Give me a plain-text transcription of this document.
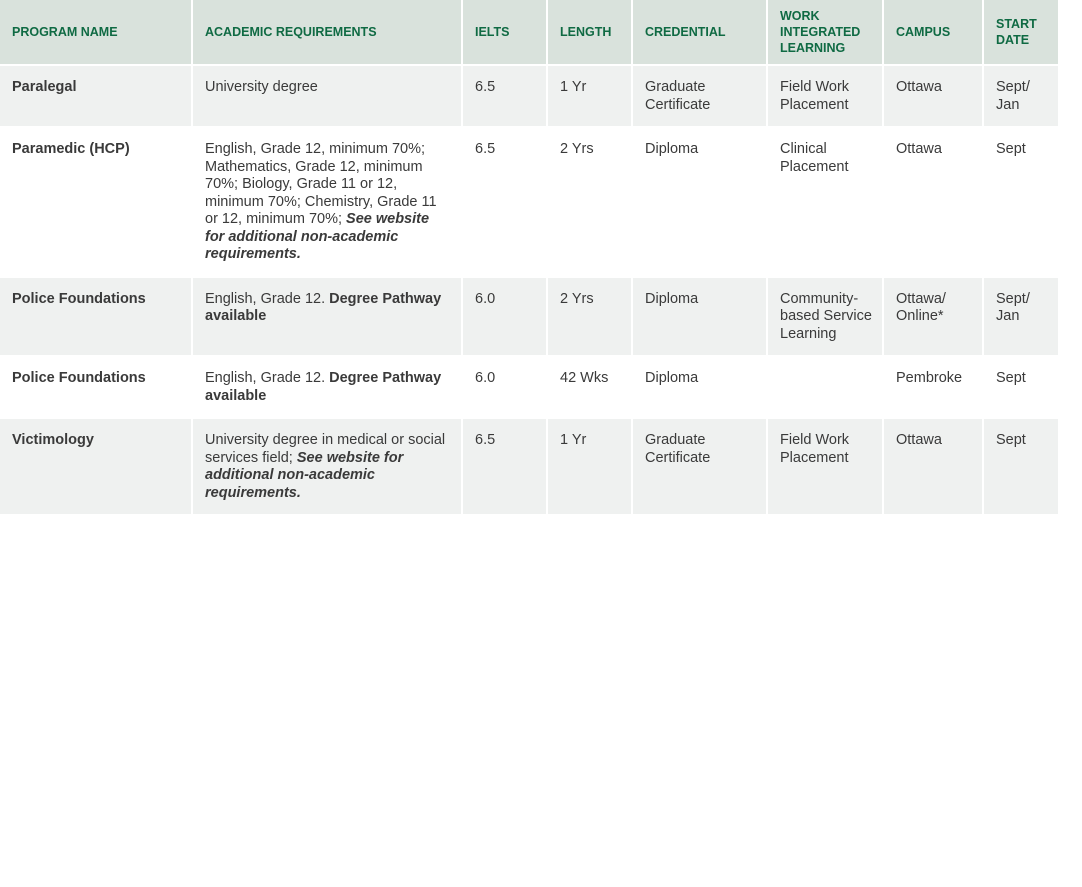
PROGRAM NAME	ACADEMIC REQUIREMENTS	IELTS	LENGTH	CREDENTIAL	WORK INTEGRATED LEARNING	CAMPUS	START DATE
Paralegal	University degree	6.5	1 Yr	Graduate Certificate	Field Work Placement	Ottawa	Sept/ Jan
Paramedic (HCP)	English, Grade 12, minimum 70%; Mathematics, Grade 12, minimum 70%; Biology, Grade 11 or 12, minimum 70%; Chemistry, Grade 11 or 12, minimum 70%; See website for additional non-academic requirements.	6.5	2 Yrs	Diploma	Clinical Placement	Ottawa	Sept
Police Foundations	English, Grade 12. Degree Pathway available	6.0	2 Yrs	Diploma	Community-based Service Learning	Ottawa/ Online*	Sept/ Jan
Police Foundations	English, Grade 12. Degree Pathway available	6.0	42 Wks	Diploma		Pembroke	Sept
Victimology	University degree in medical or social services field; See website for additional non-academic requirements.	6.5	1 Yr	Graduate Certificate	Field Work Placement	Ottawa	Sept
